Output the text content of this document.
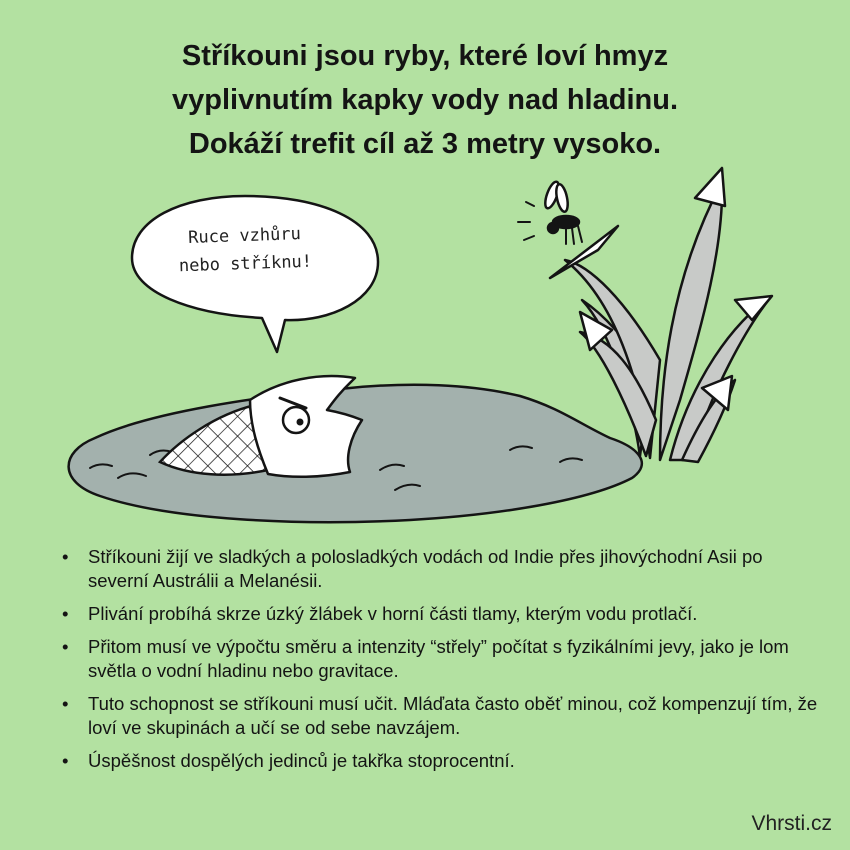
Stříkouni jsou ryby, které loví hmyz
vyplivnutím kapky vody nad hladinu.
Dokáží trefit cíl až 3 metry vysoko.
Ruce vzhůru
nebo stříknu!
• Stříkouni žijí ve sladkých a polosladkých vodách od Indie přes jihovýchodní Asii po severní Austrálii a Melanésii.
• Plivání probíhá skrze úzký žlábek v horní části tlamy, kterým vodu protlačí.
• Přitom musí ve výpočtu směru a intenzity “střely” počítat s fyzikálními jevy, jako je lom světla o vodní hladinu nebo gravitace.
• Tuto schopnost se stříkouni musí učit. Mláďata často oběť minou, což kompenzují tím, že loví ve skupinách a učí se od sebe navzájem.
• Úspěšnost dospělých jedinců je takřka stoprocentní.
Vhrsti.cz
